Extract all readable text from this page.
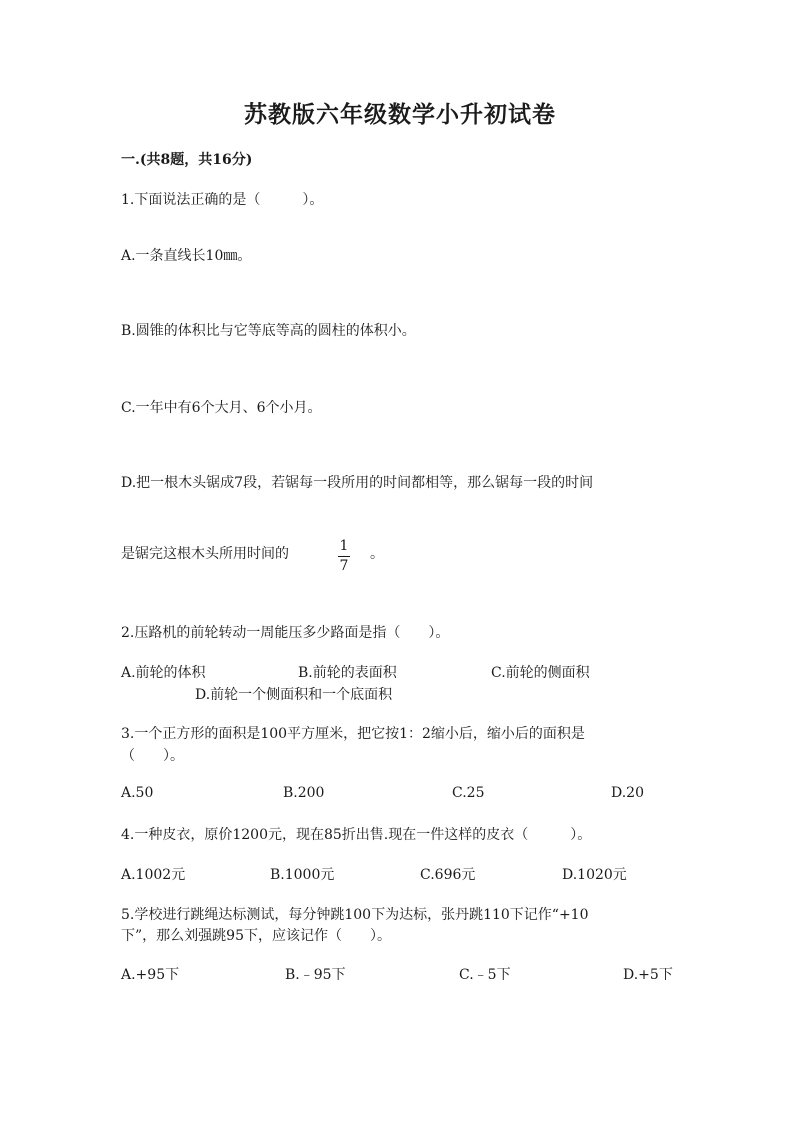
苏教版六年级数学小升初试卷
一.(共8题，共16分)
1.下面说法正确的是（　　　）。
A.一条直线长10㎜。
B.圆锥的体积比与它等底等高的圆柱的体积小。
C.一年中有6个大月、6个小月。
D.把一根木头锯成7段，若锯每一段所用的时间都相等，那么锯每一段的时间
是锯完这根木头所用时间的	1
7
。
2.压路机的前轮转动一周能压多少路面是指（　　）。
A.前轮的体积	B.前轮的表面积	C.前轮的侧面积
D.前轮一个侧面积和一个底面积
3.一个正方形的面积是100平方厘米，把它按1：2缩小后，缩小后的面积是
（　　）。
A.50	B.200	C.25	D.20
4.一种皮衣，原价1200元，现在85折出售.现在一件这样的皮衣（　　　）。
A.1002元	B.1000元	C.696元	D.1020元
5.学校进行跳绳达标测试，每分钟跳100下为达标，张丹跳110下记作“+10
下”，那么刘强跳95下，应该记作（　　）。
A.+95下	B.﹣95下	C.﹣5下	D.+5下
